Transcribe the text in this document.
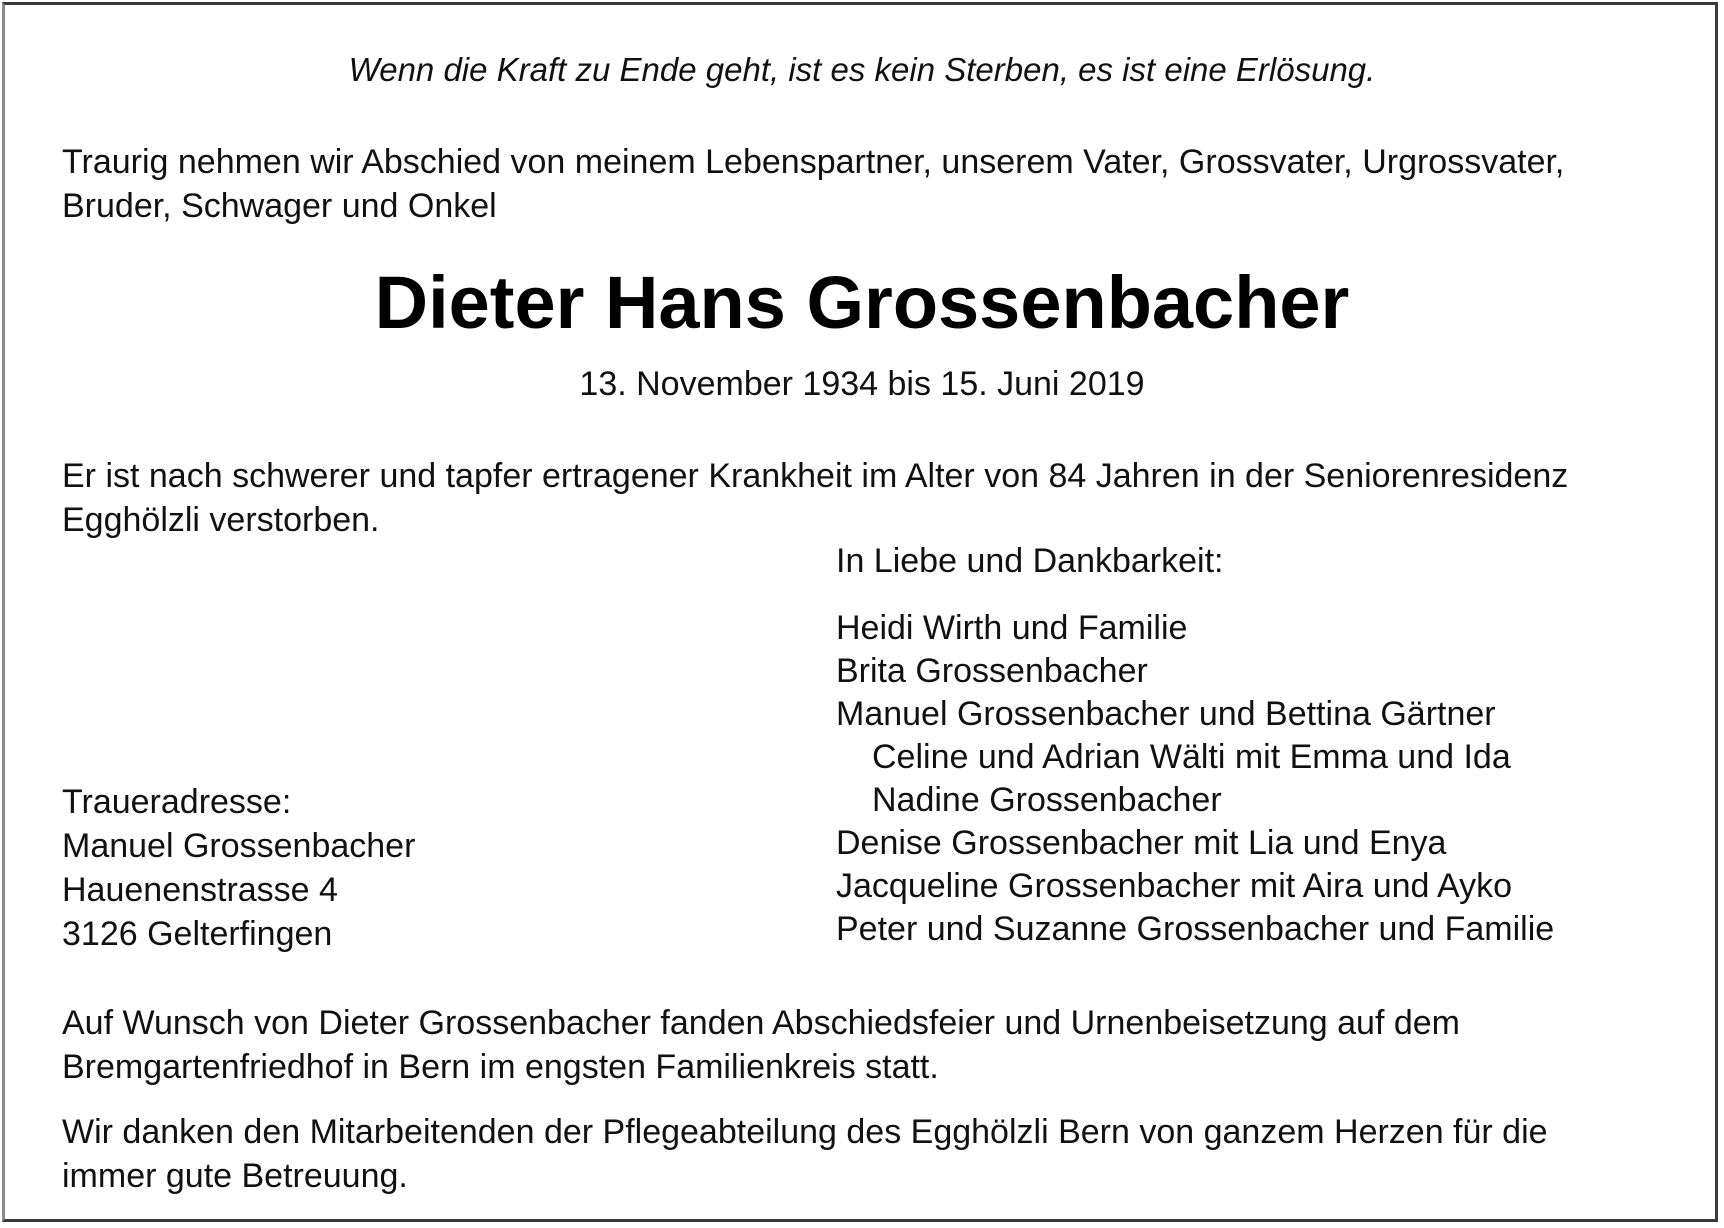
Wenn die Kraft zu Ende geht, ist es kein Sterben, es ist eine Erlösung.
Traurig nehmen wir Abschied von meinem Lebenspartner, unserem Vater, Grossvater, Urgrossvater,
Bruder, Schwager und Onkel
Dieter Hans Grossenbacher
13. November 1934 bis 15. Juni 2019
Er ist nach schwerer und tapfer ertragener Krankheit im Alter von 84 Jahren in der Seniorenresidenz
Egghölzli verstorben.
In Liebe und Dankbarkeit:
Heidi Wirth und Familie
Brita Grossenbacher
Manuel Grossenbacher und Bettina Gärtner
Celine und Adrian Wälti mit Emma und Ida
Nadine Grossenbacher
Denise Grossenbacher mit Lia und Enya
Jacqueline Grossenbacher mit Aira und Ayko
Peter und Suzanne Grossenbacher und Familie
Traueradresse:
Manuel Grossenbacher
Hauenenstrasse 4
3126 Gelterfingen
Auf Wunsch von Dieter Grossenbacher fanden Abschiedsfeier und Urnenbeisetzung auf dem
Bremgartenfriedhof in Bern im engsten Familienkreis statt.
Wir danken den Mitarbeitenden der Pflegeabteilung des Egghölzli Bern von ganzem Herzen für die
immer gute Betreuung.
